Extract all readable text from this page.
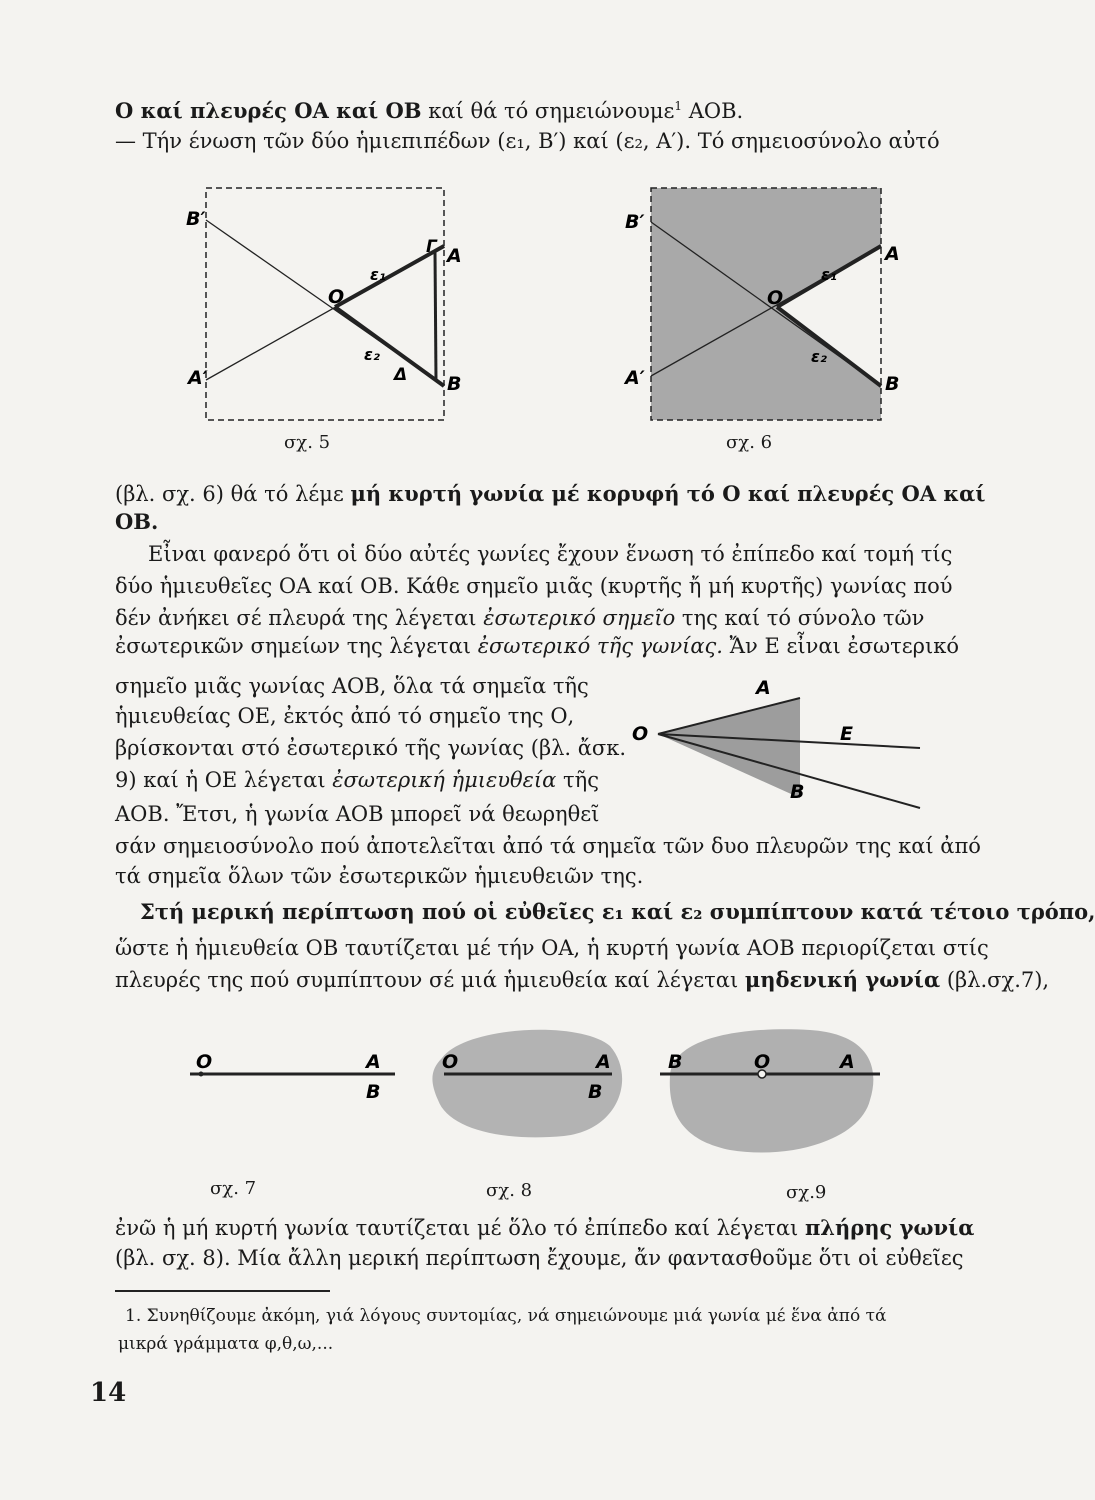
Ο καί πλευρές ΟΑ καί ΟΒ καί θά τό σημειώνουμε$^1$ ΑΟΒ.
— Τήν ένωση τῶν δύο ἡμιεπιπέδων (ε₁, Β′) καί (ε₂, Α′). Τό σημειοσύνολο αὐτό
B′
A′
A
B
O
Γ
Δ
ε₁
ε₂
σχ. 5
B′
A′
A
B
O
ε₁
ε₂
σχ. 6
(βλ. σχ. 6) θά τό λέμε μή κυρτή γωνία μέ κορυφή τό Ο καί πλευρές ΟΑ καί
ΟΒ.
Εἶναι φανερό ὅτι οἱ δύο αὐτές γωνίες ἔχουν ἕνωση τό ἐπίπεδο καί τομή τίς
δύο ἡμιευθεῖες ΟΑ καί ΟΒ. Κάθε σημεῖο μιᾶς (κυρτῆς ἤ μή κυρτῆς) γωνίας πού
δέν ἀνήκει σέ πλευρά της λέγεται ἐσωτερικό σημεῖο της καί τό σύνολο τῶν
ἐσωτερικῶν σημείων της λέγεται ἐσωτερικό τῆς γωνίας. Ἄν Ε εἶναι ἐσωτερικό
σημεῖο μιᾶς γωνίας ΑΟΒ, ὅλα τά σημεῖα τῆς
ἡμιευθείας ΟΕ, ἐκτός ἀπό τό σημεῖο της Ο,
βρίσκονται στό ἐσωτερικό τῆς γωνίας (βλ. ἄσκ.
9) καί ἡ ΟΕ λέγεται ἐσωτερική ἡμιευθεία τῆς
ΑΟΒ. Ἔτσι, ἡ γωνία ΑΟΒ μπορεῖ νά θεωρηθεῖ
σάν σημειοσύνολο πού ἀποτελεῖται ἀπό τά σημεῖα τῶν δυο πλευρῶν της καί ἀπό
τά σημεῖα ὅλων τῶν ἐσωτερικῶν ἡμιευθειῶν της.
A
O	E
B
Στή μερική περίπτωση πού οἱ εὐθεῖες ε₁ καί ε₂ συμπίπτουν κατά τέτοιο τρόπο,
ὥστε ἡ ἡμιευθεία ΟΒ ταυτίζεται μέ τήν ΟΑ, ἡ κυρτή γωνία ΑΟΒ περιορίζεται στίς
πλευρές της πού συμπίπτουν σέ μιά ἡμιευθεία καί λέγεται μηδενική γωνία (βλ.σχ.7),
O	A
B
O	A
B
B	O	A
σχ. 7	σχ. 8	σχ.9
ἐνῶ ἡ μή κυρτή γωνία ταυτίζεται μέ ὅλο τό ἐπίπεδο καί λέγεται πλήρης γωνία
(βλ. σχ. 8). Μία ἄλλη μερική περίπτωση ἔχουμε, ἄν φαντασθοῦμε ὅτι οἱ εὐθεῖες
1. Συνηθίζουμε ἀκόμη, γιά λόγους συντομίας, νά σημειώνουμε μιά γωνία μέ ἕνα ἀπό τά
μικρά γράμματα φ,θ,ω,...
14
